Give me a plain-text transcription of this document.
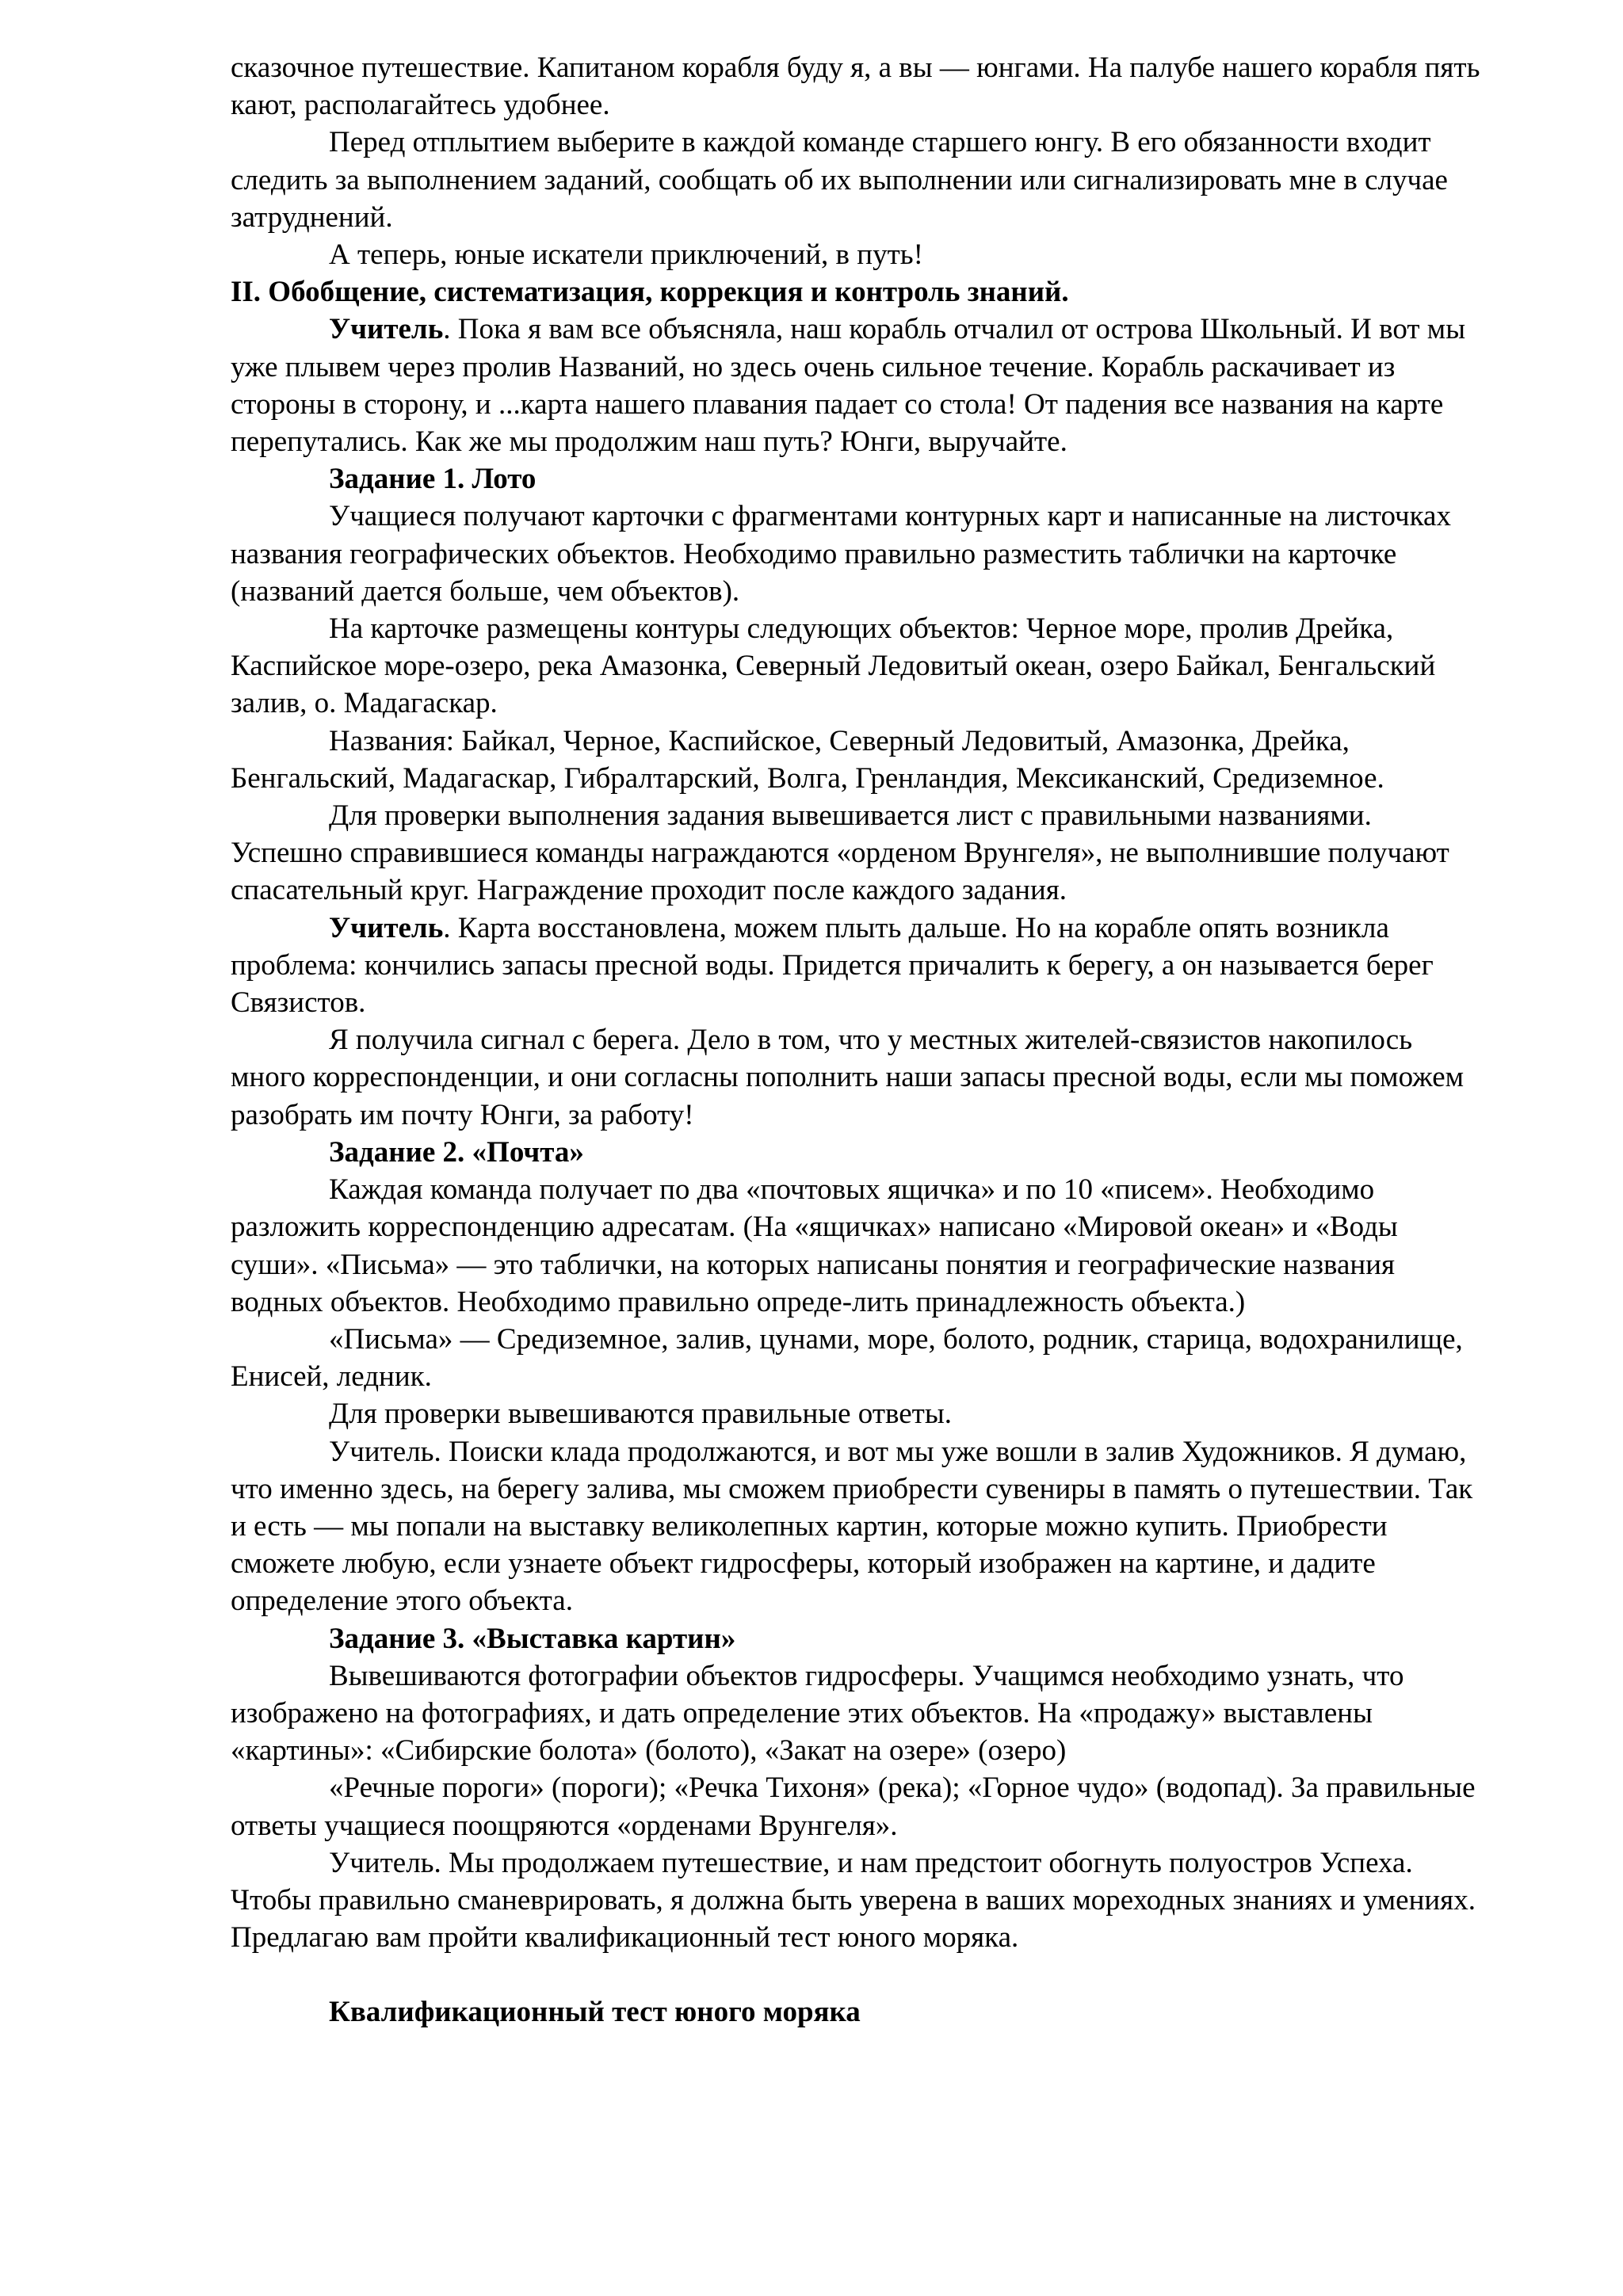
сказочное путешествие. Капитаном корабля буду я, а вы — юнгами. На палубе нашего корабля пять кают, располагайтесь удобнее.

Перед отплытием выберите в каждой команде старшего юнгу. В его обязанности входит следить за выполнением заданий, сообщать об их выполнении или сигнализировать мне в случае затруднений.

А теперь, юные искатели приключений, в путь!

II. Обобщение, систематизация, коррекция и контроль знаний.

Учитель. Пока я вам все объясняла, наш корабль отчалил от острова Школьный. И вот мы уже плывем через пролив Названий, но здесь очень сильное течение. Корабль раскачивает из стороны в сторону, и ...карта нашего плавания падает со стола! От падения все названия на карте перепутались. Как же мы продолжим наш путь? Юнги, выручайте.

Задание 1. Лото

Учащиеся получают карточки с фрагментами контурных карт и написанные на листочках названия географических объектов. Необходимо правильно разместить таблички на карточке (названий дается больше, чем объектов).

На карточке размещены контуры следующих объектов: Черное море, пролив Дрейка, Каспийское море-озеро, река Амазонка, Северный Ледовитый океан, озеро Байкал, Бенгальский залив, о. Мадагаскар.

Названия: Байкал, Черное, Каспийское, Северный Ледовитый, Амазонка, Дрейка, Бенгальский, Мадагаскар, Гибралтарский, Волга, Гренландия, Мексиканский, Средиземное.

Для проверки выполнения задания вывешивается лист с правильными названиями. Успешно справившиеся команды награждаются «орденом Врунгеля», не выполнившие получают спасательный круг. Награждение проходит после каждого задания.

Учитель. Карта восстановлена, можем плыть дальше. Но на корабле опять возникла проблема: кончились запасы пресной воды. Придется причалить к берегу, а он называется берег Связистов.

Я получила сигнал с берега. Дело в том, что у местных жителей-связистов накопилось много корреспонденции, и они согласны пополнить наши запасы пресной воды, если мы поможем разобрать им почту Юнги, за работу!

Задание 2. «Почта»

Каждая команда получает по два «почтовых ящичка» и по 10 «писем». Необходимо разложить корреспонденцию адресатам. (На «ящичках» написано «Мировой океан» и «Воды суши». «Письма» — это таблички, на которых написаны понятия и географические названия водных объектов. Необходимо правильно опреде-лить принадлежность объекта.)

«Письма» — Средиземное, залив, цунами, море, болото, родник, старица, водохранилище, Енисей, ледник.

Для проверки вывешиваются правильные ответы.

Учитель. Поиски клада продолжаются, и вот мы уже вошли в залив Художников. Я думаю, что именно здесь, на берегу залива, мы сможем приобрести сувениры в память о путешествии. Так и есть — мы попали на выставку великолепных картин, которые можно купить. Приобрести сможете любую, если узнаете объект гидросферы, который изображен на картине, и дадите определение этого объекта.

Задание 3. «Выставка картин»

Вывешиваются фотографии объектов гидросферы. Учащимся необходимо узнать, что изображено на фотографиях, и дать определение этих объектов. На «продажу» выставлены «картины»: «Сибирские болота» (болото), «Закат на озере» (озеро)

«Речные пороги» (пороги); «Речка Тихоня» (река); «Горное чудо» (водопад). За правильные ответы учащиеся поощряются «орденами Врунгеля».

Учитель. Мы продолжаем путешествие, и нам предстоит обогнуть полуостров Успеха. Чтобы правильно сманеврировать, я должна быть уверена в ваших мореходных знаниях и умениях. Предлагаю вам пройти квалификационный тест юного моряка.

Квалификационный тест юного моряка
